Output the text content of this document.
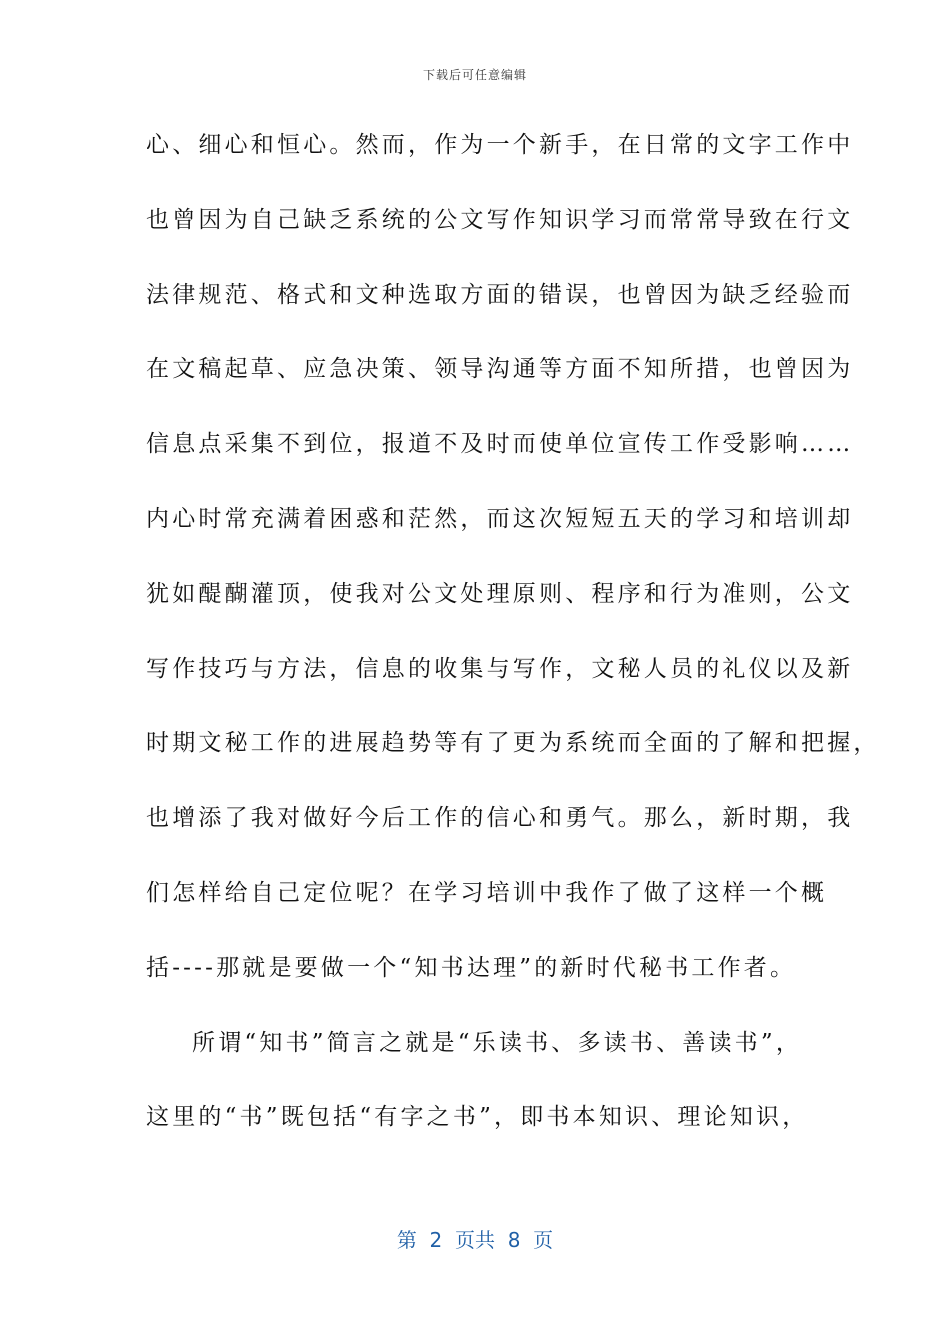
下载后可任意编辑
心、细心和恒心。然而，作为一个新手，在日常的文字工作中
也曾因为自己缺乏系统的公文写作知识学习而常常导致在行文
法律规范、格式和文种选取方面的错误，也曾因为缺乏经验而
在文稿起草、应急决策、领导沟通等方面不知所措，也曾因为
信息点采集不到位，报道不及时而使单位宣传工作受影响……
内心时常充满着困惑和茫然，而这次短短五天的学习和培训却
犹如醍醐灌顶，使我对公文处理原则、程序和行为准则，公文
写作技巧与方法，信息的收集与写作，文秘人员的礼仪以及新
时期文秘工作的进展趋势等有了更为系统而全面的了解和把握，
也增添了我对做好今后工作的信心和勇气。那么，新时期，我
们怎样给自己定位呢？在学习培训中我作了做了这样一个概
括----那就是要做一个“知书达理”的新时代秘书工作者。
所谓“知书”简言之就是“乐读书、多读书、善读书”，
这里的“书”既包括“有字之书”，即书本知识、理论知识，
第  2  页共  8  页
